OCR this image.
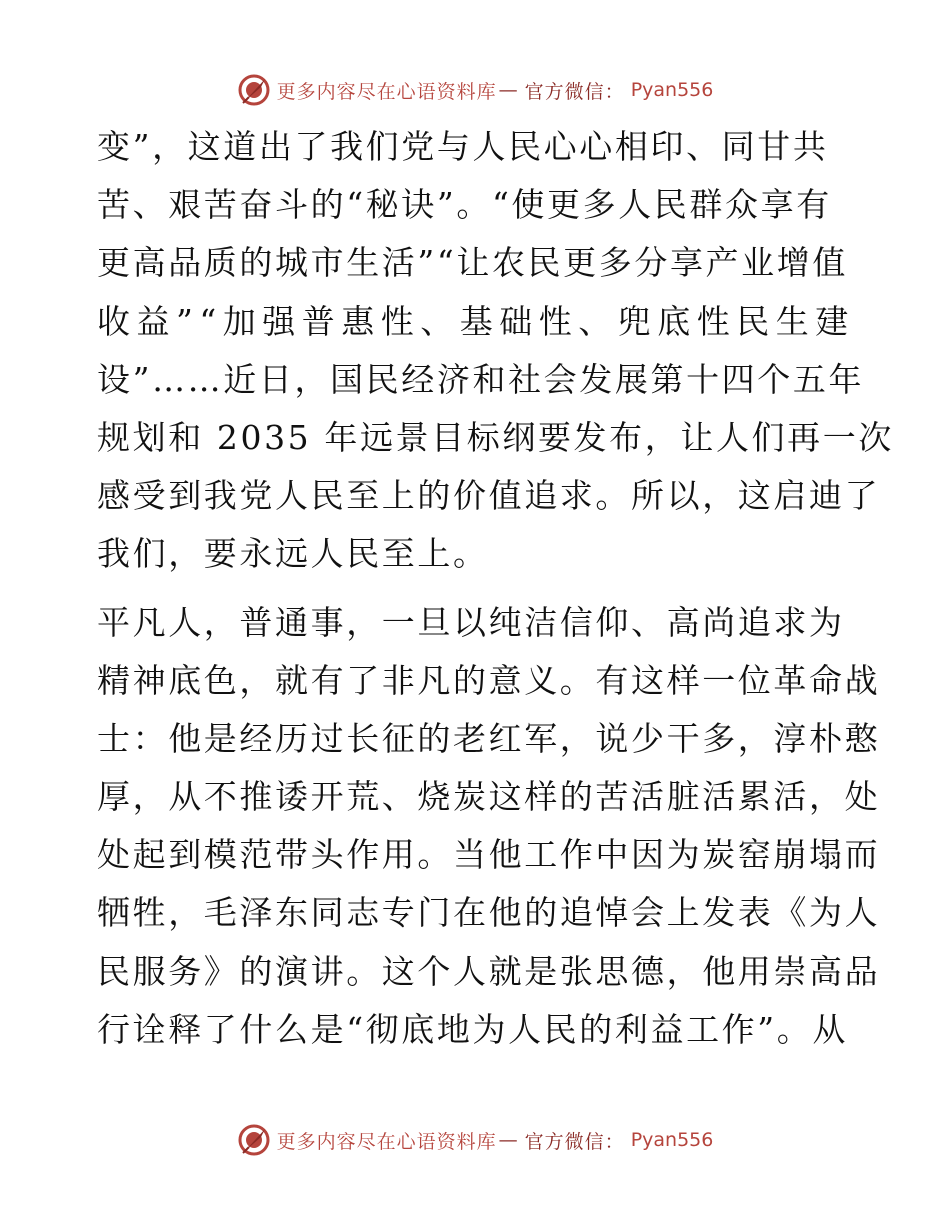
更多内容尽在心语资料库 — 官方微信： Pyan556
变”，这道出了我们党与人民心心相印、同甘共
苦、艰苦奋斗的“秘诀”。“使更多人民群众享有
更高品质的城市生活”“让农民更多分享产业增值
收益”“加强普惠性、基础性、兜底性民生建
设”……近日，国民经济和社会发展第十四个五年
规划和 2035 年远景目标纲要发布，让人们再一次
感受到我党人民至上的价值追求。所以，这启迪了
我们，要永远人民至上。
平凡人，普通事，一旦以纯洁信仰、高尚追求为
精神底色，就有了非凡的意义。有这样一位革命战
士：他是经历过长征的老红军，说少干多，淳朴憨
厚，从不推诿开荒、烧炭这样的苦活脏活累活，处
处起到模范带头作用。当他工作中因为炭窑崩塌而
牺牲，毛泽东同志专门在他的追悼会上发表《为人
民服务》的演讲。这个人就是张思德，他用崇高品
行诠释了什么是“彻底地为人民的利益工作”。从
更多内容尽在心语资料库 — 官方微信： Pyan556
